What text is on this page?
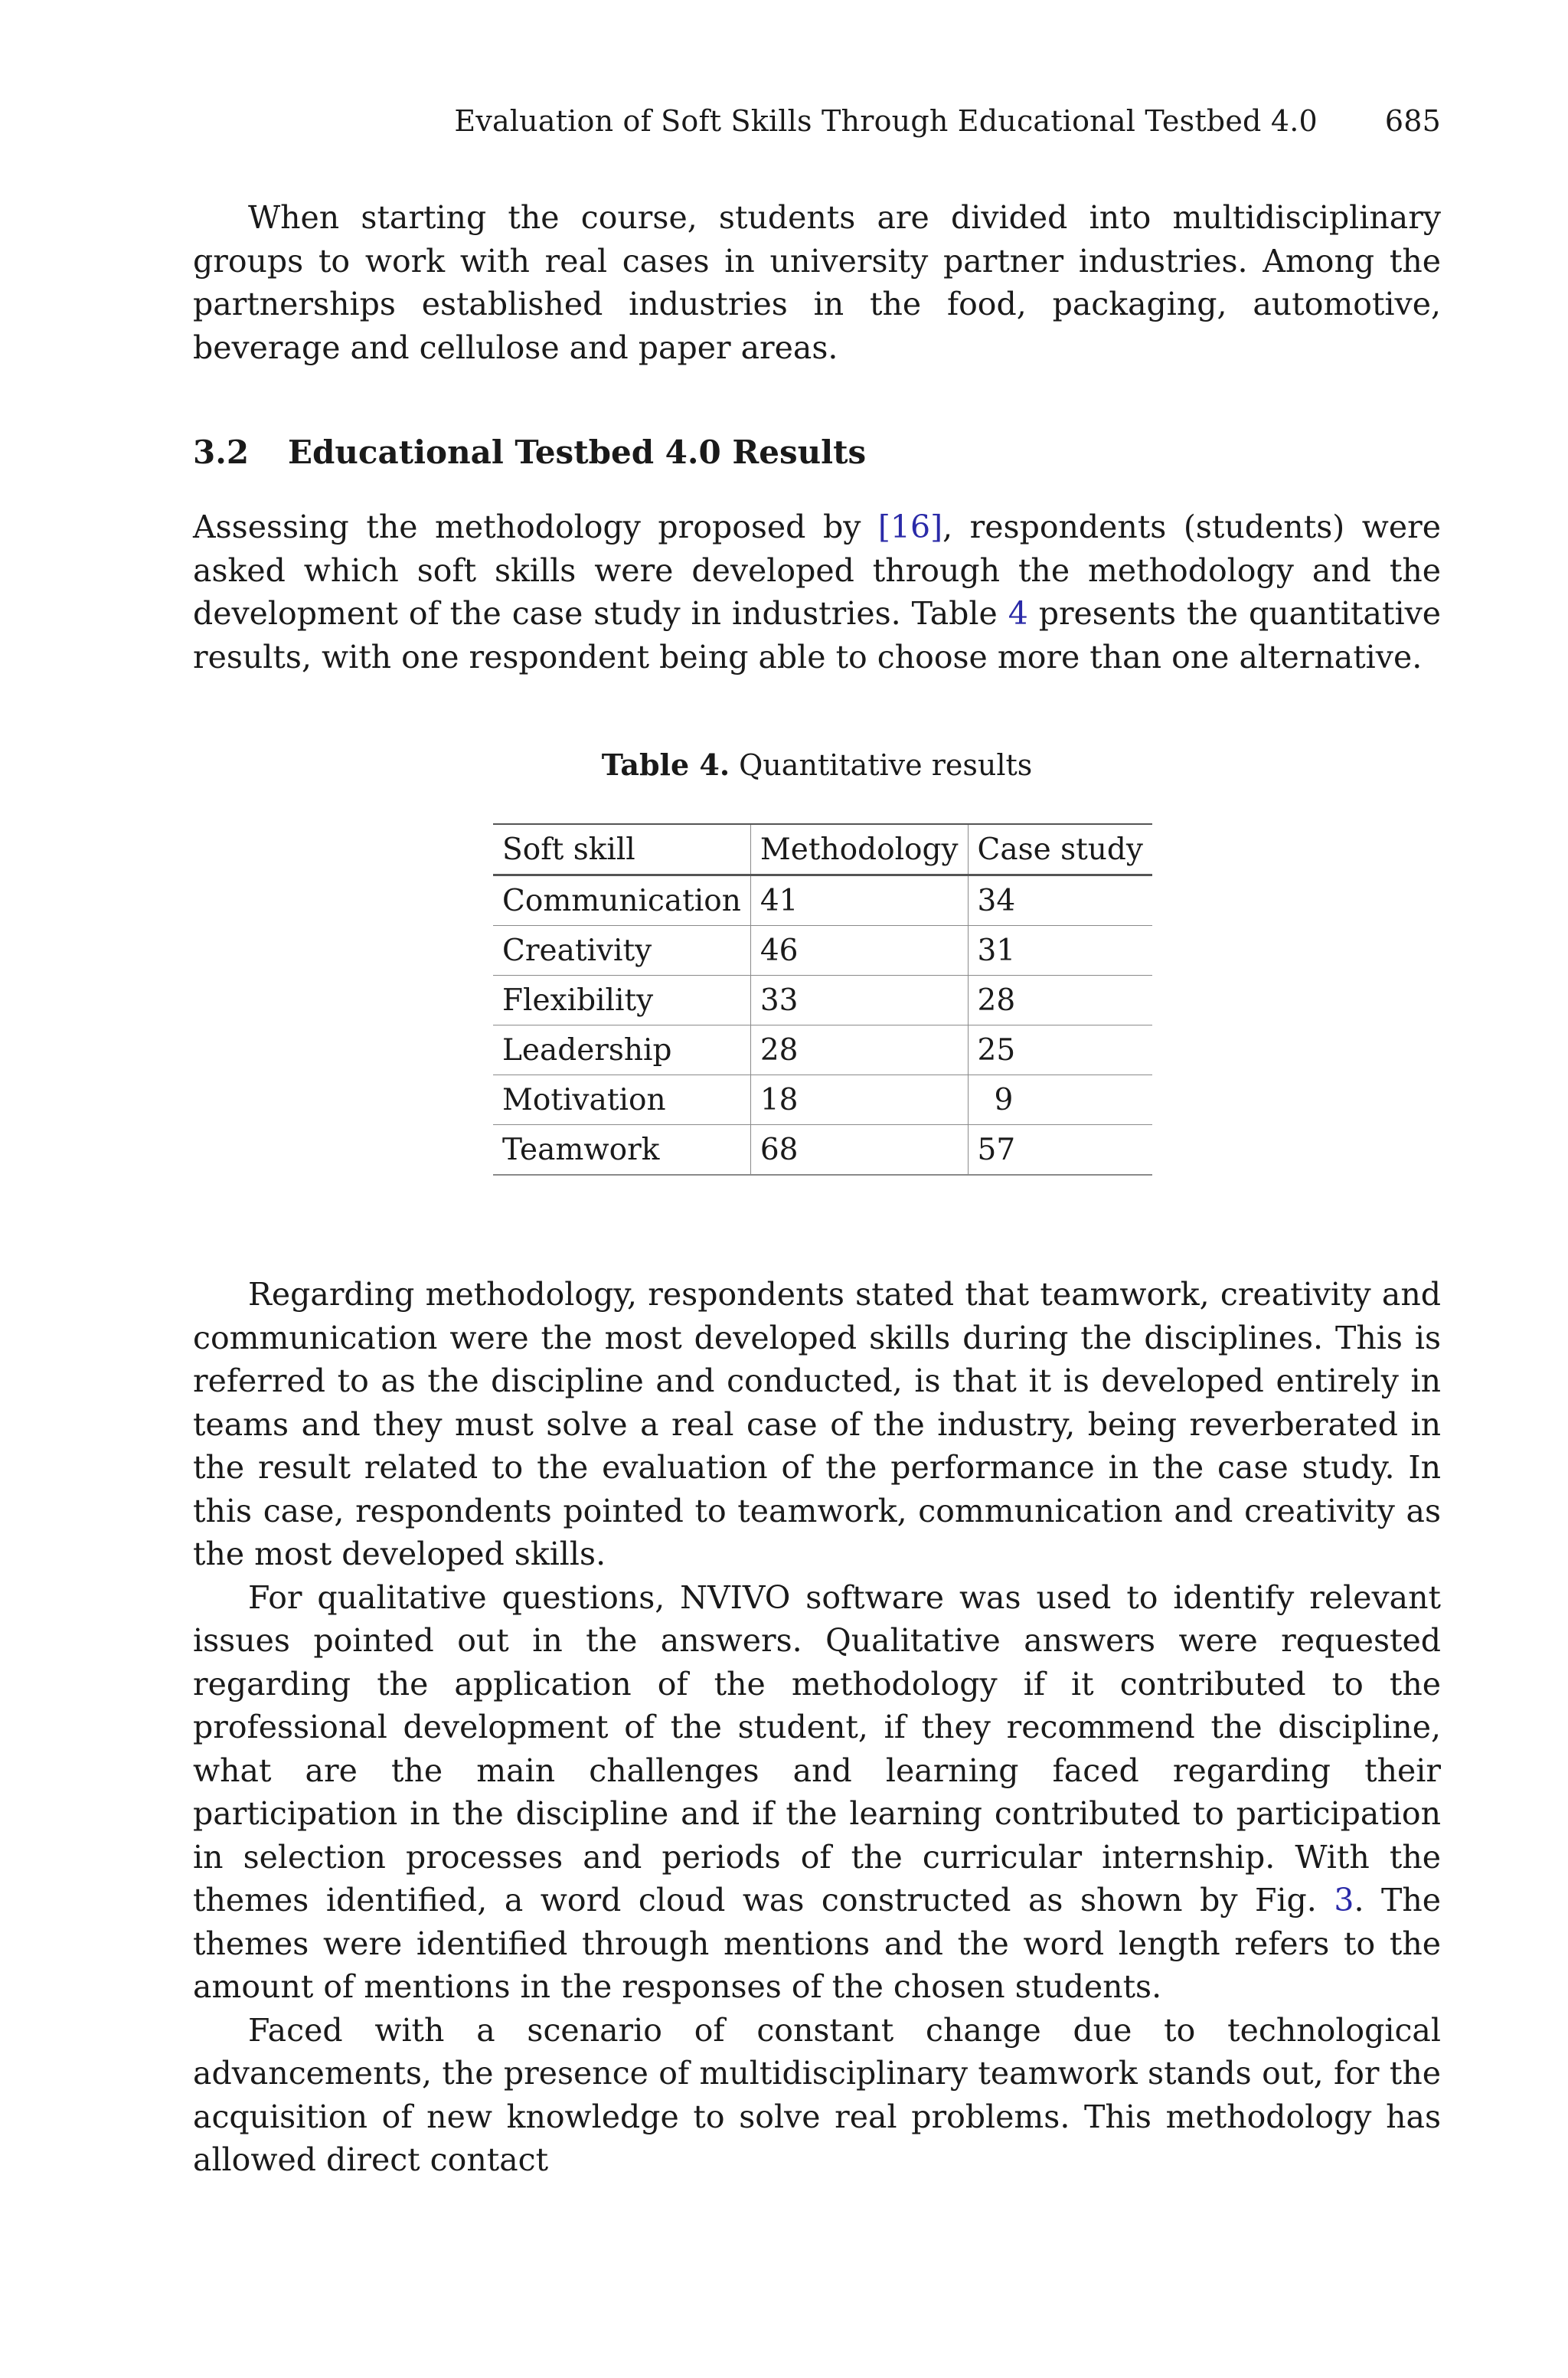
Evaluation of Soft Skills Through Educational Testbed 4.0 685

When starting the course, students are divided into multidisciplinary groups to work with real cases in university partner industries. Among the partnerships established industries in the food, packaging, automotive, beverage and cellulose and paper areas.

3.2 Educational Testbed 4.0 Results

Assessing the methodology proposed by [16], respondents (students) were asked which soft skills were developed through the methodology and the development of the case study in industries. Table 4 presents the quantitative results, with one respondent being able to choose more than one alternative.

Table 4. Quantitative results
Soft skill	Methodology	Case study
Communication	41	34
Creativity	46	31
Flexibility	33	28
Leadership	28	25
Motivation	18	9
Teamwork	68	57

Regarding methodology, respondents stated that teamwork, creativity and communication were the most developed skills during the disciplines. This is referred to as the discipline and conducted, is that it is developed entirely in teams and they must solve a real case of the industry, being reverberated in the result related to the evaluation of the performance in the case study. In this case, respondents pointed to teamwork, communication and creativity as the most developed skills.

For qualitative questions, NVIVO software was used to identify relevant issues pointed out in the answers. Qualitative answers were requested regarding the application of the methodology if it contributed to the professional development of the student, if they recommend the discipline, what are the main challenges and learning faced regarding their participation in the discipline and if the learning contributed to participation in selection processes and periods of the curricular internship. With the themes identified, a word cloud was constructed as shown by Fig. 3. The themes were identified through mentions and the word length refers to the amount of mentions in the responses of the chosen students.

Faced with a scenario of constant change due to technological advancements, the presence of multidisciplinary teamwork stands out, for the acquisition of new knowledge to solve real problems. This methodology has allowed direct contact
